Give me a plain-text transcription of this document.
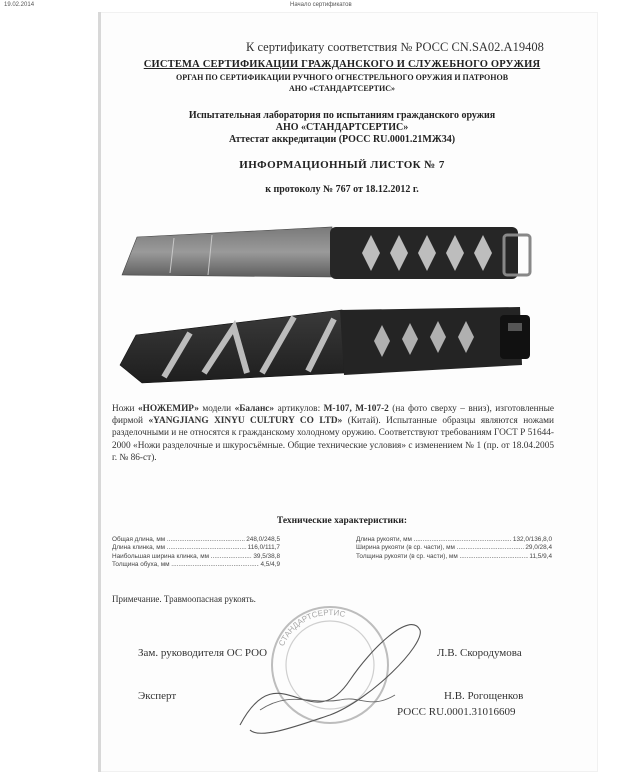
19.02.2014	Начало сертификатов
К сертификату соответствия № РОСС CN.SA02.A19408
СИСТЕМА СЕРТИФИКАЦИИ ГРАЖДАНСКОГО И СЛУЖЕБНОГО ОРУЖИЯ
ОРГАН ПО СЕРТИФИКАЦИИ РУЧНОГО ОГНЕСТРЕЛЬНОГО ОРУЖИЯ И ПАТРОНОВ
АНО «СТАНДАРТСЕРТИС»
Испытательная лаборатория по испытаниям гражданского оружия
АНО «СТАНДАРТСЕРТИС»
Аттестат аккредитации (РОСС RU.0001.21МЖ34)
ИНФОРМАЦИОННЫЙ ЛИСТОК № 7
к протоколу № 767 от 18.12.2012 г.
Ножи «НОЖЕМИР» модели «Баланс» артикулов: М-107, М-107-2 (на фото сверху – вниз), изготовленные фирмой «YANGJIANG XINYU CULTURY CO LTD» (Китай). Испытанные образцы являются ножами разделочными и не относятся к гражданскому холодному оружию. Соответствуют требованиям ГОСТ Р 51644-2000 «Ножи разделочные и шкуросъёмные. Общие технические условия» с изменением № 1 (пр. от 18.04.2005 г. № 86-ст).
Технические характеристики:
Общая длина, мм .....	248,0/248,5
Длина клинка, мм .....	116,0/111,7
Наибольшая ширина клинка, мм .....	39,5/38,8
Толщина обуха, мм .....	4,5/4,9
Длина рукояти, мм .....	132,0/136,8,0
Ширина рукояти (в ср. части), мм .....	29,0/28,4
Толщина рукояти (в ср. части), мм .....	11,5/9,4
Примечание. Травмоопасная рукоять.
СТАНДАРТСЕРТИС
Зам. руководителя ОС РОО	Л.В. Скородумова
Эксперт	Н.В. Рогощенков
РОСС RU.0001.31016609
